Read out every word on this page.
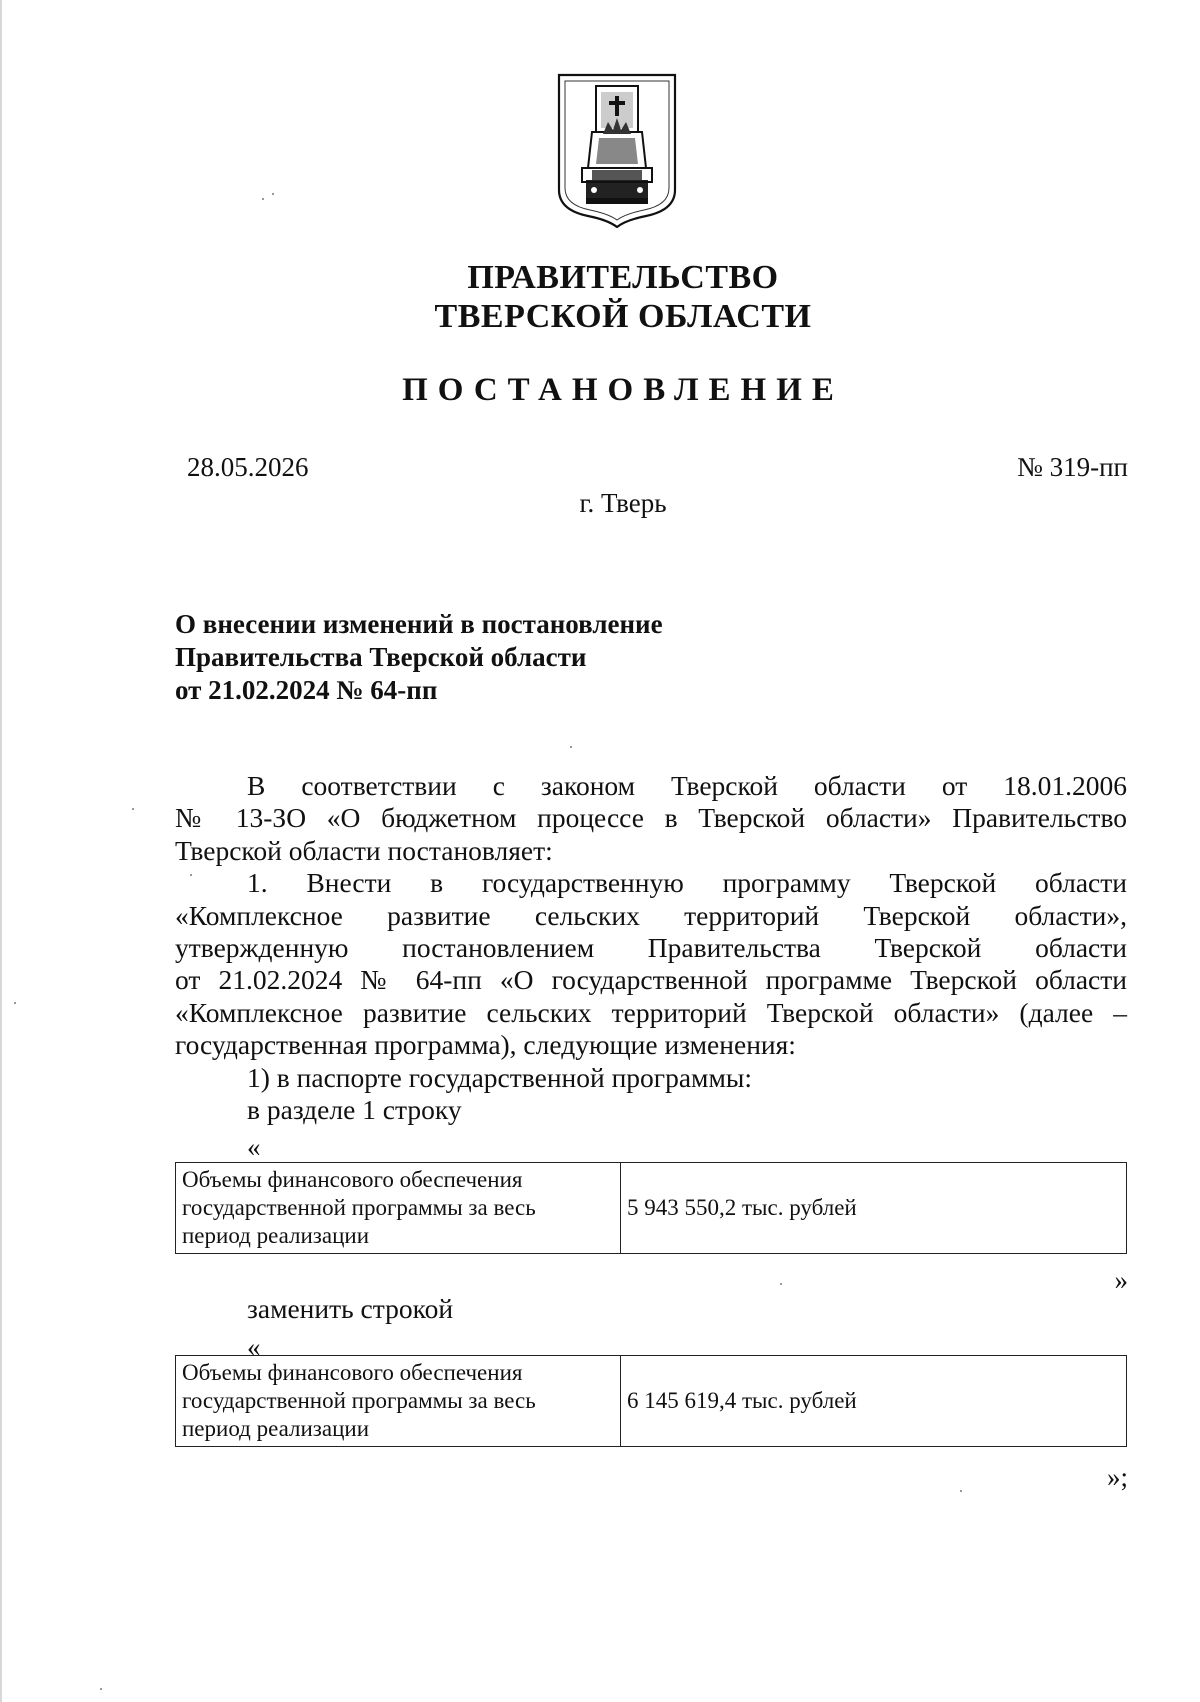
ПРАВИТЕЛЬСТВО
ТВЕРСКОЙ ОБЛАСТИ
ПОСТАНОВЛЕНИЕ
28.05.2026	№ 319-пп
г. Тверь
О внесении изменений в постановление
Правительства Тверской области
от 21.02.2024 № 64-пп

В соответствии с законом Тверской области от 18.01.2006

№ 13-ЗО «О бюджетном процессе в Тверской области» Правительство

Тверской области постановляет:

1. Внести в государственную программу Тверской области

«Комплексное развитие сельских территорий Тверской области»,

утвержденную постановлением Правительства Тверской области

от 21.02.2024 № 64-пп «О государственной программе Тверской области

«Комплексное развитие сельских территорий Тверской области» (далее –

государственная программа), следующие изменения:

1) в паспорте государственной программы:

в разделе 1 строку

«
Объемы финансового обеспечения
государственной программы за весь
период реализации
	5 943 550,2 тыс. рублей
»
заменить строкой
«
Объемы финансового обеспечения
государственной программы за весь
период реализации
	6 145 619,4 тыс. рублей
»;
